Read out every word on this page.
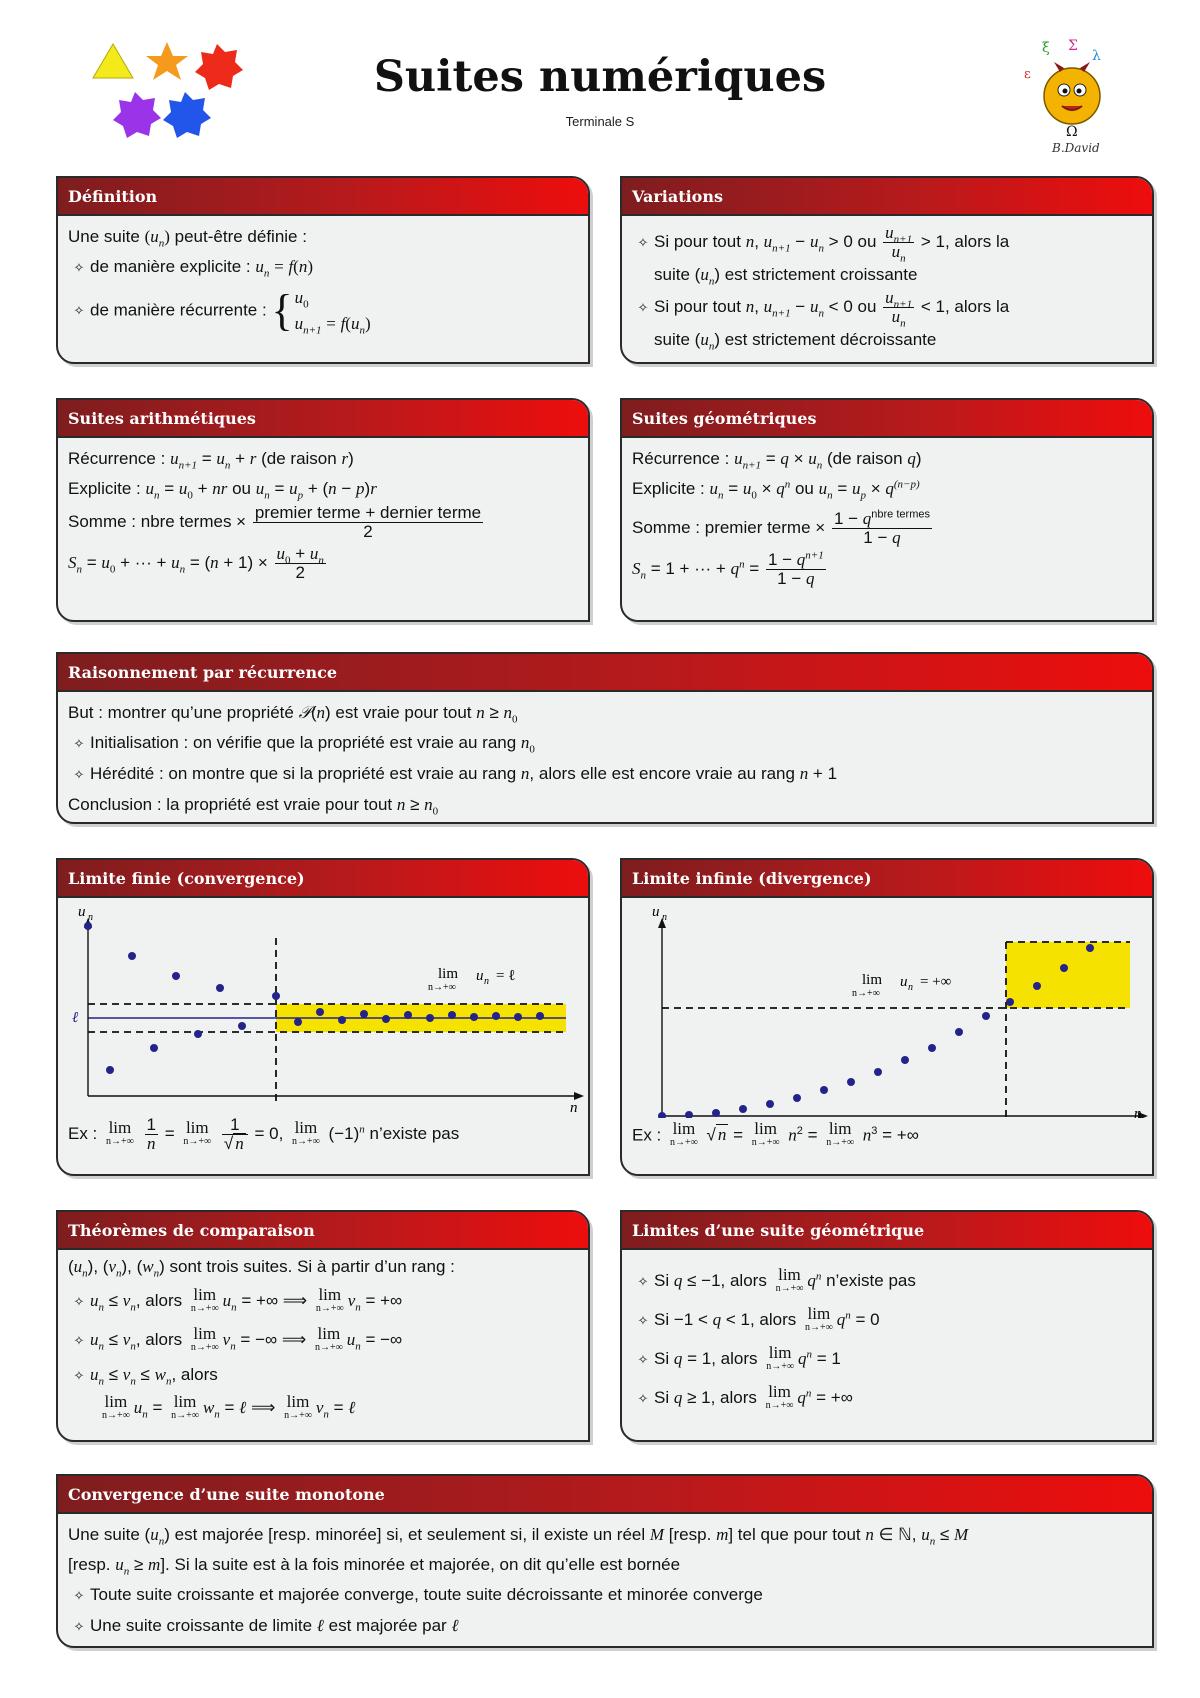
Suites numériques
Terminale S
ξ Σ
λ
ε
Ω
B.David
Définition
Une suite $(u_n)$ peut-être définie :
✧ de manière explicite : $u_n = f(n)$
✧ de manière récurrente : { $u_0$
$u_{n+1} = f(u_n)$
Variations
✧ Si pour tout n, $u_{n+1} - u_n > 0$ ou $\frac{u_{n+1}}{u_n} > 1$, alors la
suite $(u_n)$ est strictement croissante
✧ Si pour tout n, $u_{n+1} - u_n < 0$ ou $\frac{u_{n+1}}{u_n} < 1$, alors la
suite $(u_n)$ est strictement décroissante
Suites arithmétiques
Récurrence : $u_{n+1} = u_n + r$ (de raison r)
Explicite : $u_n = u_0$ + nr ou $u_n = u_p + (n - p)r$
Somme : nbre termes × $\frac{\text{premier terme + dernier terme}}{2}$
$S_n = u_0$ + ··· + $u_n = (n + 1) \times \frac{u_0 + u_n}{2}$
Suites géométriques
Récurrence : $u_{n+1} = q \times u_n$ (de raison q)
Explicite : $u_n = u_0 \times q^n$ ou $u_n = u_p \times q^{(n-p)}$
Somme : premier terme × $\frac{1 - q^{nbre termes}}{1 - q}$
$S_n = 1$ + ··· + $q^n = \frac{1 - q^{n+1}}{1 - q}$
Raisonnement par récurrence
But : montrer qu’une propriété 𝒫(n) est vraie pour tout $n \ge n_0$
✧ Initialisation : on vérifie que la propriété est vraie au rang $n_0$
✧ Hérédité : on montre que si la propriété est vraie au rang n, alors elle est encore vraie au rang n + 1
Conclusion : la propriété est vraie pour tout $n \ge n_0$
Limite finie (convergence)
u n
n
ℓ
lim
n→+∞
u n = ℓ
Ex : lim
n→+∞
$\frac{1}{n} = \lim$
n→+∞
$\frac{1}{√ n} = 0$, lim
n→+∞ $(-1)^n$ n’existe pas
Limite infinie (divergence)
u n
n
lim
n→+∞
u n = +∞
Ex : lim
n→+∞ √ n = lim
n→+∞ $n^2 = \lim$
n→+∞ $n^3$ = +∞
Théorèmes de comparaison
$(u_n)$, $(v_n)$, $(w_n)$ sont trois suites. Si à partir d’un rang :
✧ $u_n \le v_n$, alors lim
n→+∞ $u_n$ = +∞ ⟹ lim
n→+∞ $v_n$ = +∞
✧ $u_n \le v_n$, alors lim
n→+∞ $v_n$ = −∞ ⟹ lim
n→+∞ $u_n$ = −∞
✧ $u_n \le v_n \le w_n$, alors
lim
n→+∞ $u_n = \lim$
n→+∞ $w_n$ = ℓ ⟹ lim
n→+∞ $v_n$ = ℓ
Limites d’une suite géométrique
✧ Si q ≤ −1, alors lim
n→+∞ $q^n$ n’existe pas
✧ Si −1 < q < 1, alors lim
n→+∞ $q^n = 0$
✧ Si q = 1, alors lim
n→+∞ $q^n = 1$
✧ Si q ≥ 1, alors lim
n→+∞ $q^n$ = +∞
Convergence d’une suite monotone
Une suite $(u_n)$ est majorée [resp. minorée] si, et seulement si, il existe un réel M [resp. m] tel que pour tout n ∈ ℕ, $u_n \le M$
[resp. $u_n \ge m$]. Si la suite est à la fois minorée et majorée, on dit qu’elle est bornée
✧ Toute suite croissante et majorée converge, toute suite décroissante et minorée converge
✧ Une suite croissante de limite ℓ est majorée par ℓ
